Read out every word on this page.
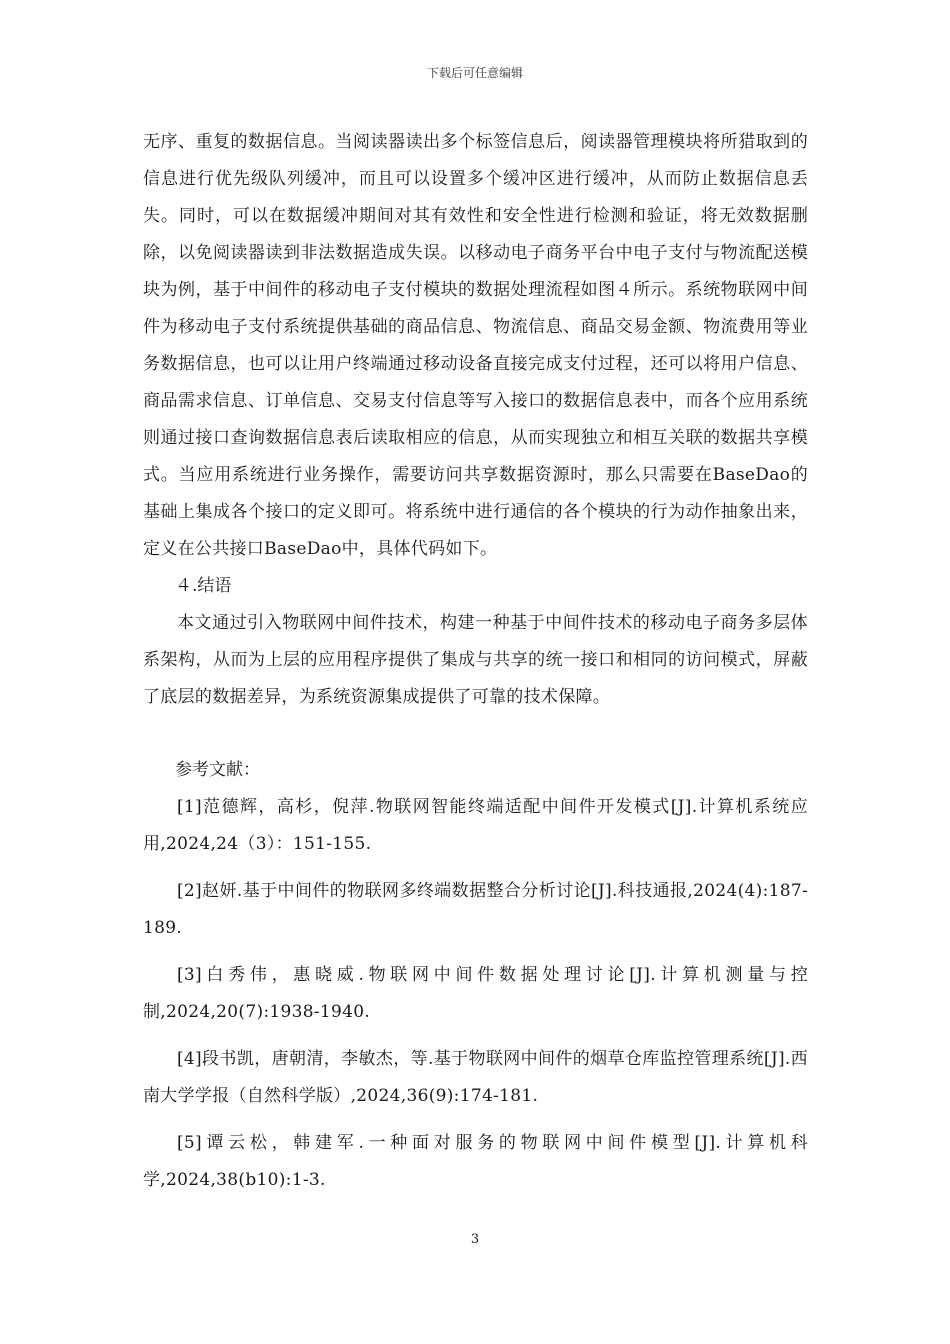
下载后可任意编辑

无序、重复的数据信息。当阅读器读出多个标签信息后，阅读器管理模块将所猎取到的信息进行优先级队列缓冲，而且可以设置多个缓冲区进行缓冲，从而防止数据信息丢失。同时，可以在数据缓冲期间对其有效性和安全性进行检测和验证，将无效数据删除，以免阅读器读到非法数据造成失误。以移动电子商务平台中电子支付与物流配送模块为例，基于中间件的移动电子支付模块的数据处理流程如图４所示。系统物联网中间件为移动电子支付系统提供基础的商品信息、物流信息、商品交易金额、物流费用等业务数据信息，也可以让用户终端通过移动设备直接完成支付过程，还可以将用户信息、商品需求信息、订单信息、交易支付信息等写入接口的数据信息表中，而各个应用系统则通过接口查询数据信息表后读取相应的信息，从而实现独立和相互关联的数据共享模式。当应用系统进行业务操作，需要访问共享数据资源时，那么只需要在BaseDao的基础上集成各个接口的定义即可。将系统中进行通信的各个模块的行为动作抽象出来，定义在公共接口BaseDao中，具体代码如下。

４.结语

本文通过引入物联网中间件技术，构建一种基于中间件技术的移动电子商务多层体系架构，从而为上层的应用程序提供了集成与共享的统一接口和相同的访问模式，屏蔽了底层的数据差异，为系统资源集成提供了可靠的技术保障。

参考文献：

[1]范德辉，高杉，倪萍.物联网智能终端适配中间件开发模式[J].计算机系统应用,2024,24（3）：151-155.

[2]赵妍.基于中间件的物联网多终端数据整合分析讨论[J].科技通报,2024(4):187-189.

[3]白秀伟，惠晓威.物联网中间件数据处理讨论[J].计算机测量与控制,2024,20(7):1938-1940.

[4]段书凯，唐朝清，李敏杰，等.基于物联网中间件的烟草仓库监控管理系统[J].西南大学学报（自然科学版）,2024,36(9):174-181.

[5]谭云松，韩建军.一种面对服务的物联网中间件模型[J].计算机科学,2024,38(b10):1-3.

3
